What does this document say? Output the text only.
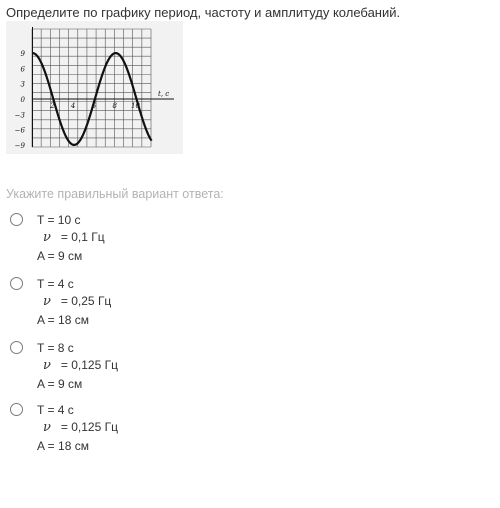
Определите по графику период, частоту и амплитуду колебаний.
9
6
3
0
−3
−6
−9
2 4 6 8 10
t, c
Укажите правильный вариант ответа:
T = 10 c
ν = 0,1 Гц
A = 9 см
T = 4 c
ν = 0,25 Гц
A = 18 см
T = 8 c
ν = 0,125 Гц
A = 9 см
T = 4 c
ν = 0,125 Гц
A = 18 см
